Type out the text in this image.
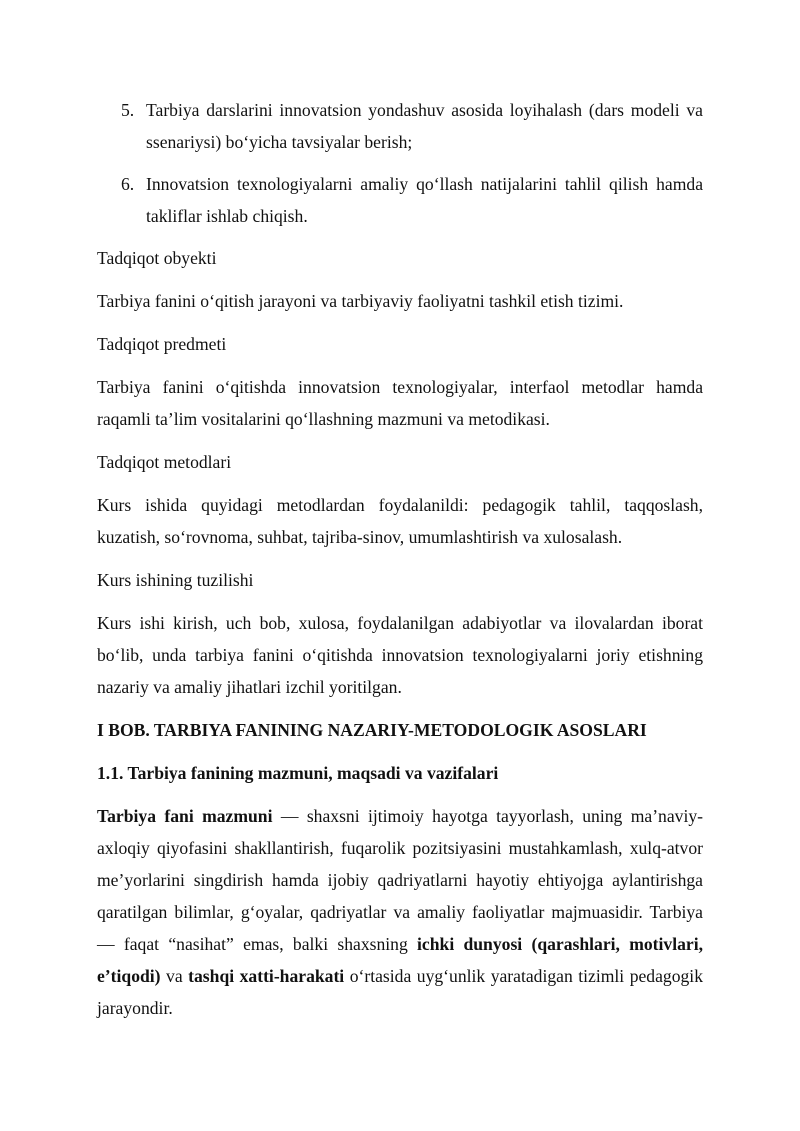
5. Tarbiya darslarini innovatsion yondashuv asosida loyihalash (dars modeli va ssenariysi) bo‘yicha tavsiyalar berish;
6. Innovatsion texnologiyalarni amaliy qo‘llash natijalarini tahlil qilish hamda takliflar ishlab chiqish.

Tadqiqot obyekti

Tarbiya fanini oʻqitish jarayoni va tarbiyaviy faoliyatni tashkil etish tizimi.

Tadqiqot predmeti

Tarbiya fanini o‘qitishda innovatsion texnologiyalar, interfaol metodlar hamda raqamli ta’lim vositalarini qo‘llashning mazmuni va metodikasi.

Tadqiqot metodlari

Kurs ishida quyidagi metodlardan foydalanildi: pedagogik tahlil, taqqoslash, kuzatish, so‘rovnoma, suhbat, tajriba-sinov, umumlashtirish va xulosalash.

Kurs ishining tuzilishi

Kurs ishi kirish, uch bob, xulosa, foydalanilgan adabiyotlar va ilovalardan iborat bo‘lib, unda tarbiya fanini o‘qitishda innovatsion texnologiyalarni joriy etishning nazariy va amaliy jihatlari izchil yoritilgan.

I BOB. TARBIYA FANINING NAZARIY-METODOLOGIK ASOSLARI

1.1. Tarbiya fanining mazmuni, maqsadi va vazifalari

Tarbiya fani mazmuni — shaxsni ijtimoiy hayotga tayyorlash, uning ma’naviy-axloqiy qiyofasini shakllantirish, fuqarolik pozitsiyasini mustahkamlash, xulq-atvor me’yorlarini singdirish hamda ijobiy qadriyatlarni hayotiy ehtiyojga aylantirishga qaratilgan bilimlar, g‘oyalar, qadriyatlar va amaliy faoliyatlar majmuasidir. Tarbiya — faqat “nasihat” emas, balki shaxsning ichki dunyosi (qarashlari, motivlari, e’tiqodi) va tashqi xatti-harakati o‘rtasida uyg‘unlik yaratadigan tizimli pedagogik jarayondir.
